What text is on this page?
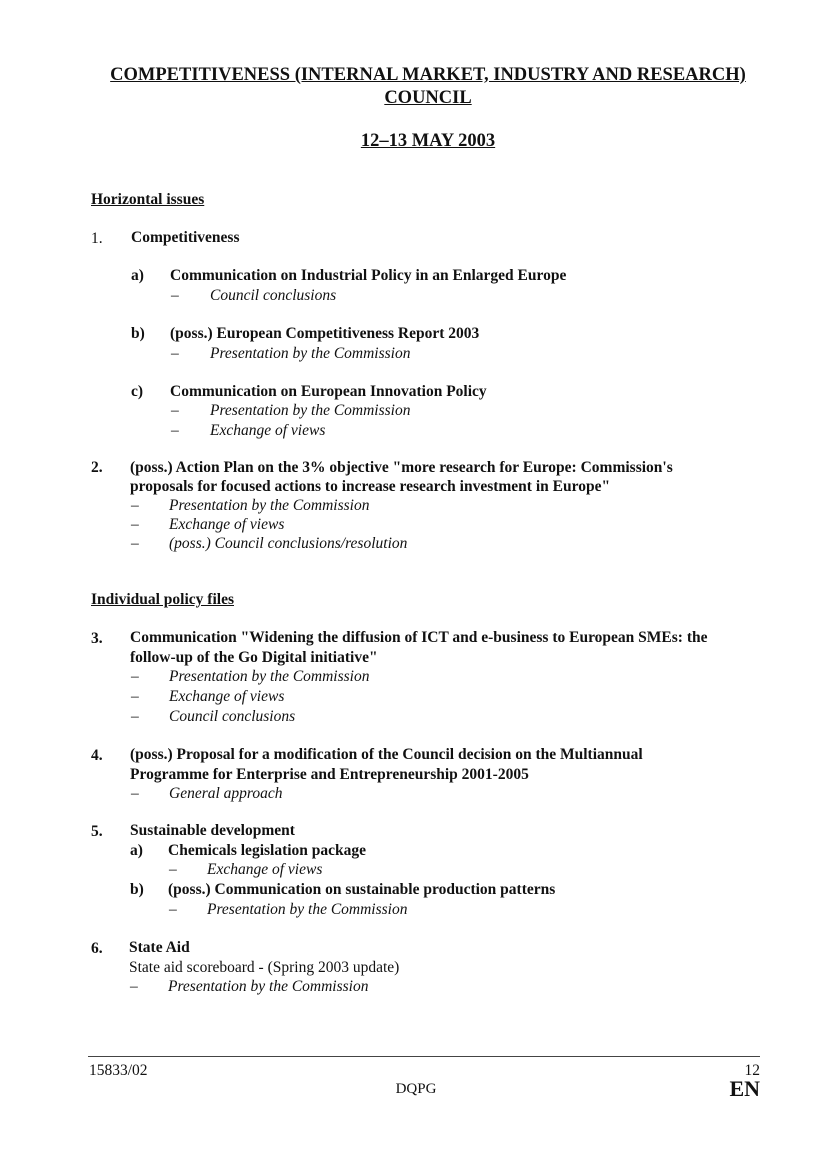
COMPETITIVENESS (INTERNAL MARKET, INDUSTRY AND RESEARCH)
COUNCIL
12–13 MAY 2003
Horizontal issues
1. Competitiveness
a) Communication on Industrial Policy in an Enlarged Europe
– Council conclusions
b) (poss.) European Competitiveness Report 2003
– Presentation by the Commission
c) Communication on European Innovation Policy
– Presentation by the Commission
– Exchange of views
2. (poss.) Action Plan on the 3% objective "more research for Europe: Commission's
proposals for focused actions to increase research investment in Europe"
– Presentation by the Commission
– Exchange of views
– (poss.) Council conclusions/resolution
Individual policy files
3. Communication "Widening the diffusion of ICT and e-business to European SMEs: the
follow-up of the Go Digital initiative"
– Presentation by the Commission
– Exchange of views
– Council conclusions
4. (poss.) Proposal for a modification of the Council decision on the Multiannual
Programme for Enterprise and Entrepreneurship 2001-2005
– General approach
5. Sustainable development
a) Chemicals legislation package
– Exchange of views
b) (poss.) Communication on sustainable production patterns
– Presentation by the Commission
6. State Aid
State aid scoreboard - (Spring 2003 update)
– Presentation by the Commission
15833/02	12
DQPG	EN
